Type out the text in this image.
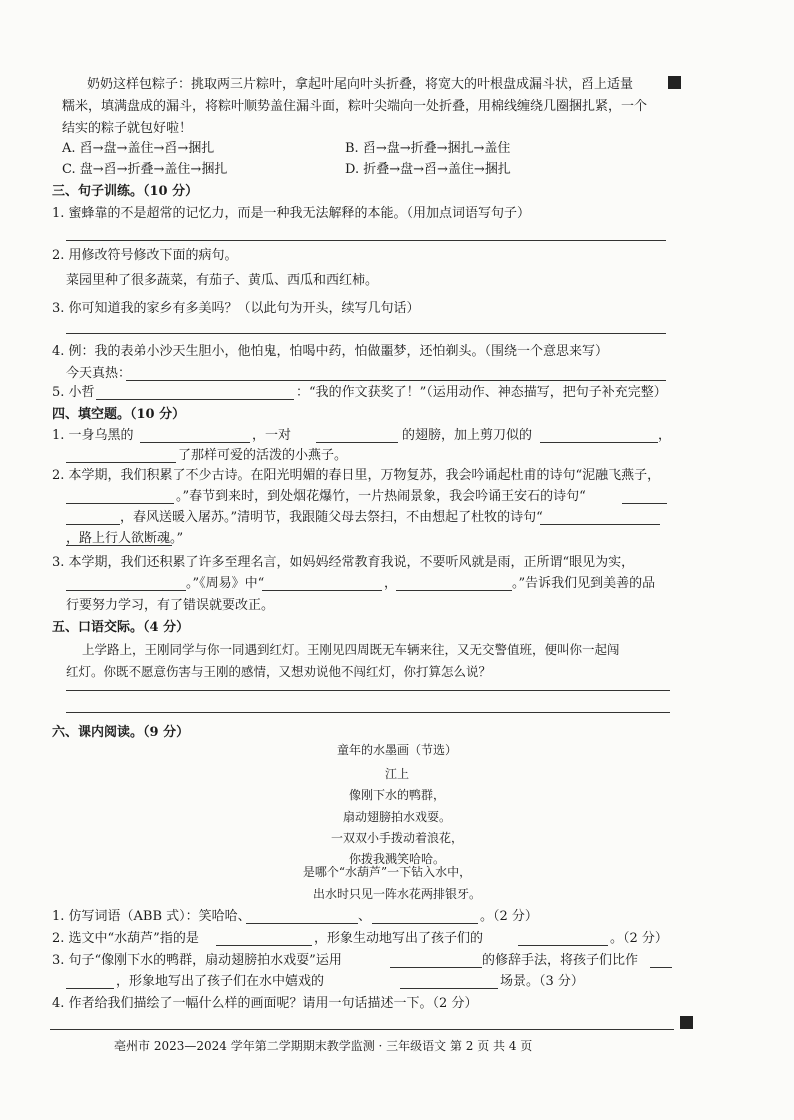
奶奶这样包粽子：挑取两三片粽叶，拿起叶尾向叶头折叠，将宽大的叶根盘成漏斗状，舀上适量
糯米，填满盘成的漏斗，将粽叶顺势盖住漏斗面，粽叶尖端向一处折叠，用棉线缠绕几圈捆扎紧，一个
结实的粽子就包好啦！
A. 舀→盘→盖住→舀→捆扎	B. 舀→盘→折叠→捆扎→盖住
C. 盘→舀→折叠→盖住→捆扎	D. 折叠→盘→舀→盖住→捆扎
三、句子训练。（10 分）
1. 蜜蜂靠的不是超常的记忆力，而是一种我无法解释的本能。（用加点词语写句子）
2. 用修改符号修改下面的病句。
菜园里种了很多蔬菜，有茄子、黄瓜、西瓜和西红柿。
3. 你可知道我的家乡有多美吗？（以此句为开头，续写几句话）
4. 例：我的表弟小沙天生胆小，他怕鬼，怕喝中药，怕做噩梦，还怕剃头。（围绕一个意思来写）
今天真热：
5. 小哲	：“我的作文获奖了！”（运用动作、神态描写，把句子补充完整）
四、填空题。（10 分）
1. 一身乌黑的	，一对	的翅膀，加上剪刀似的	，
了那样可爱的活泼的小燕子。
2. 本学期，我们积累了不少古诗。在阳光明媚的春日里，万物复苏，我会吟诵起杜甫的诗句“泥融飞燕子，
。”春节到来时，到处烟花爆竹，一片热闹景象，我会吟诵王安石的诗句“
，春风送暖入屠苏。”清明节，我跟随父母去祭扫，不由想起了杜牧的诗句“
，路上行人欲断魂。”
3. 本学期，我们还积累了许多至理名言，如妈妈经常教育我说，不要听风就是雨，正所谓“眼见为实，
。”《周易》中“	，	。”告诉我们见到美善的品
行要努力学习，有了错误就要改正。
五、口语交际。（4 分）
上学路上，王刚同学与你一同遇到红灯。王刚见四周既无车辆来往，又无交警值班，便叫你一起闯
红灯。你既不愿意伤害与王刚的感情，又想劝说他不闯红灯，你打算怎么说？
六、课内阅读。（9 分）
童年的水墨画（节选）
江上
像刚下水的鸭群，
扇动翅膀拍水戏耍。
一双双小手拨动着浪花，
你拨我溅笑哈哈。
是哪个“水葫芦”一下钻入水中，
出水时只见一阵水花两排银牙。
1. 仿写词语（ABB 式）：笑哈哈、	、	。（2 分）
2. 选文中“水葫芦”指的是	，形象生动地写出了孩子们的	。（2 分）
3. 句子“像刚下水的鸭群，扇动翅膀拍水戏耍”运用	的修辞手法，将孩子们比作
，形象地写出了孩子们在水中嬉戏的	场景。（3 分）
4. 作者给我们描绘了一幅什么样的画面呢？请用一句话描述一下。（2 分）
亳州市 2023—2024 学年第二学期期末教学监测 · 三年级语文 第 2 页 共 4 页
